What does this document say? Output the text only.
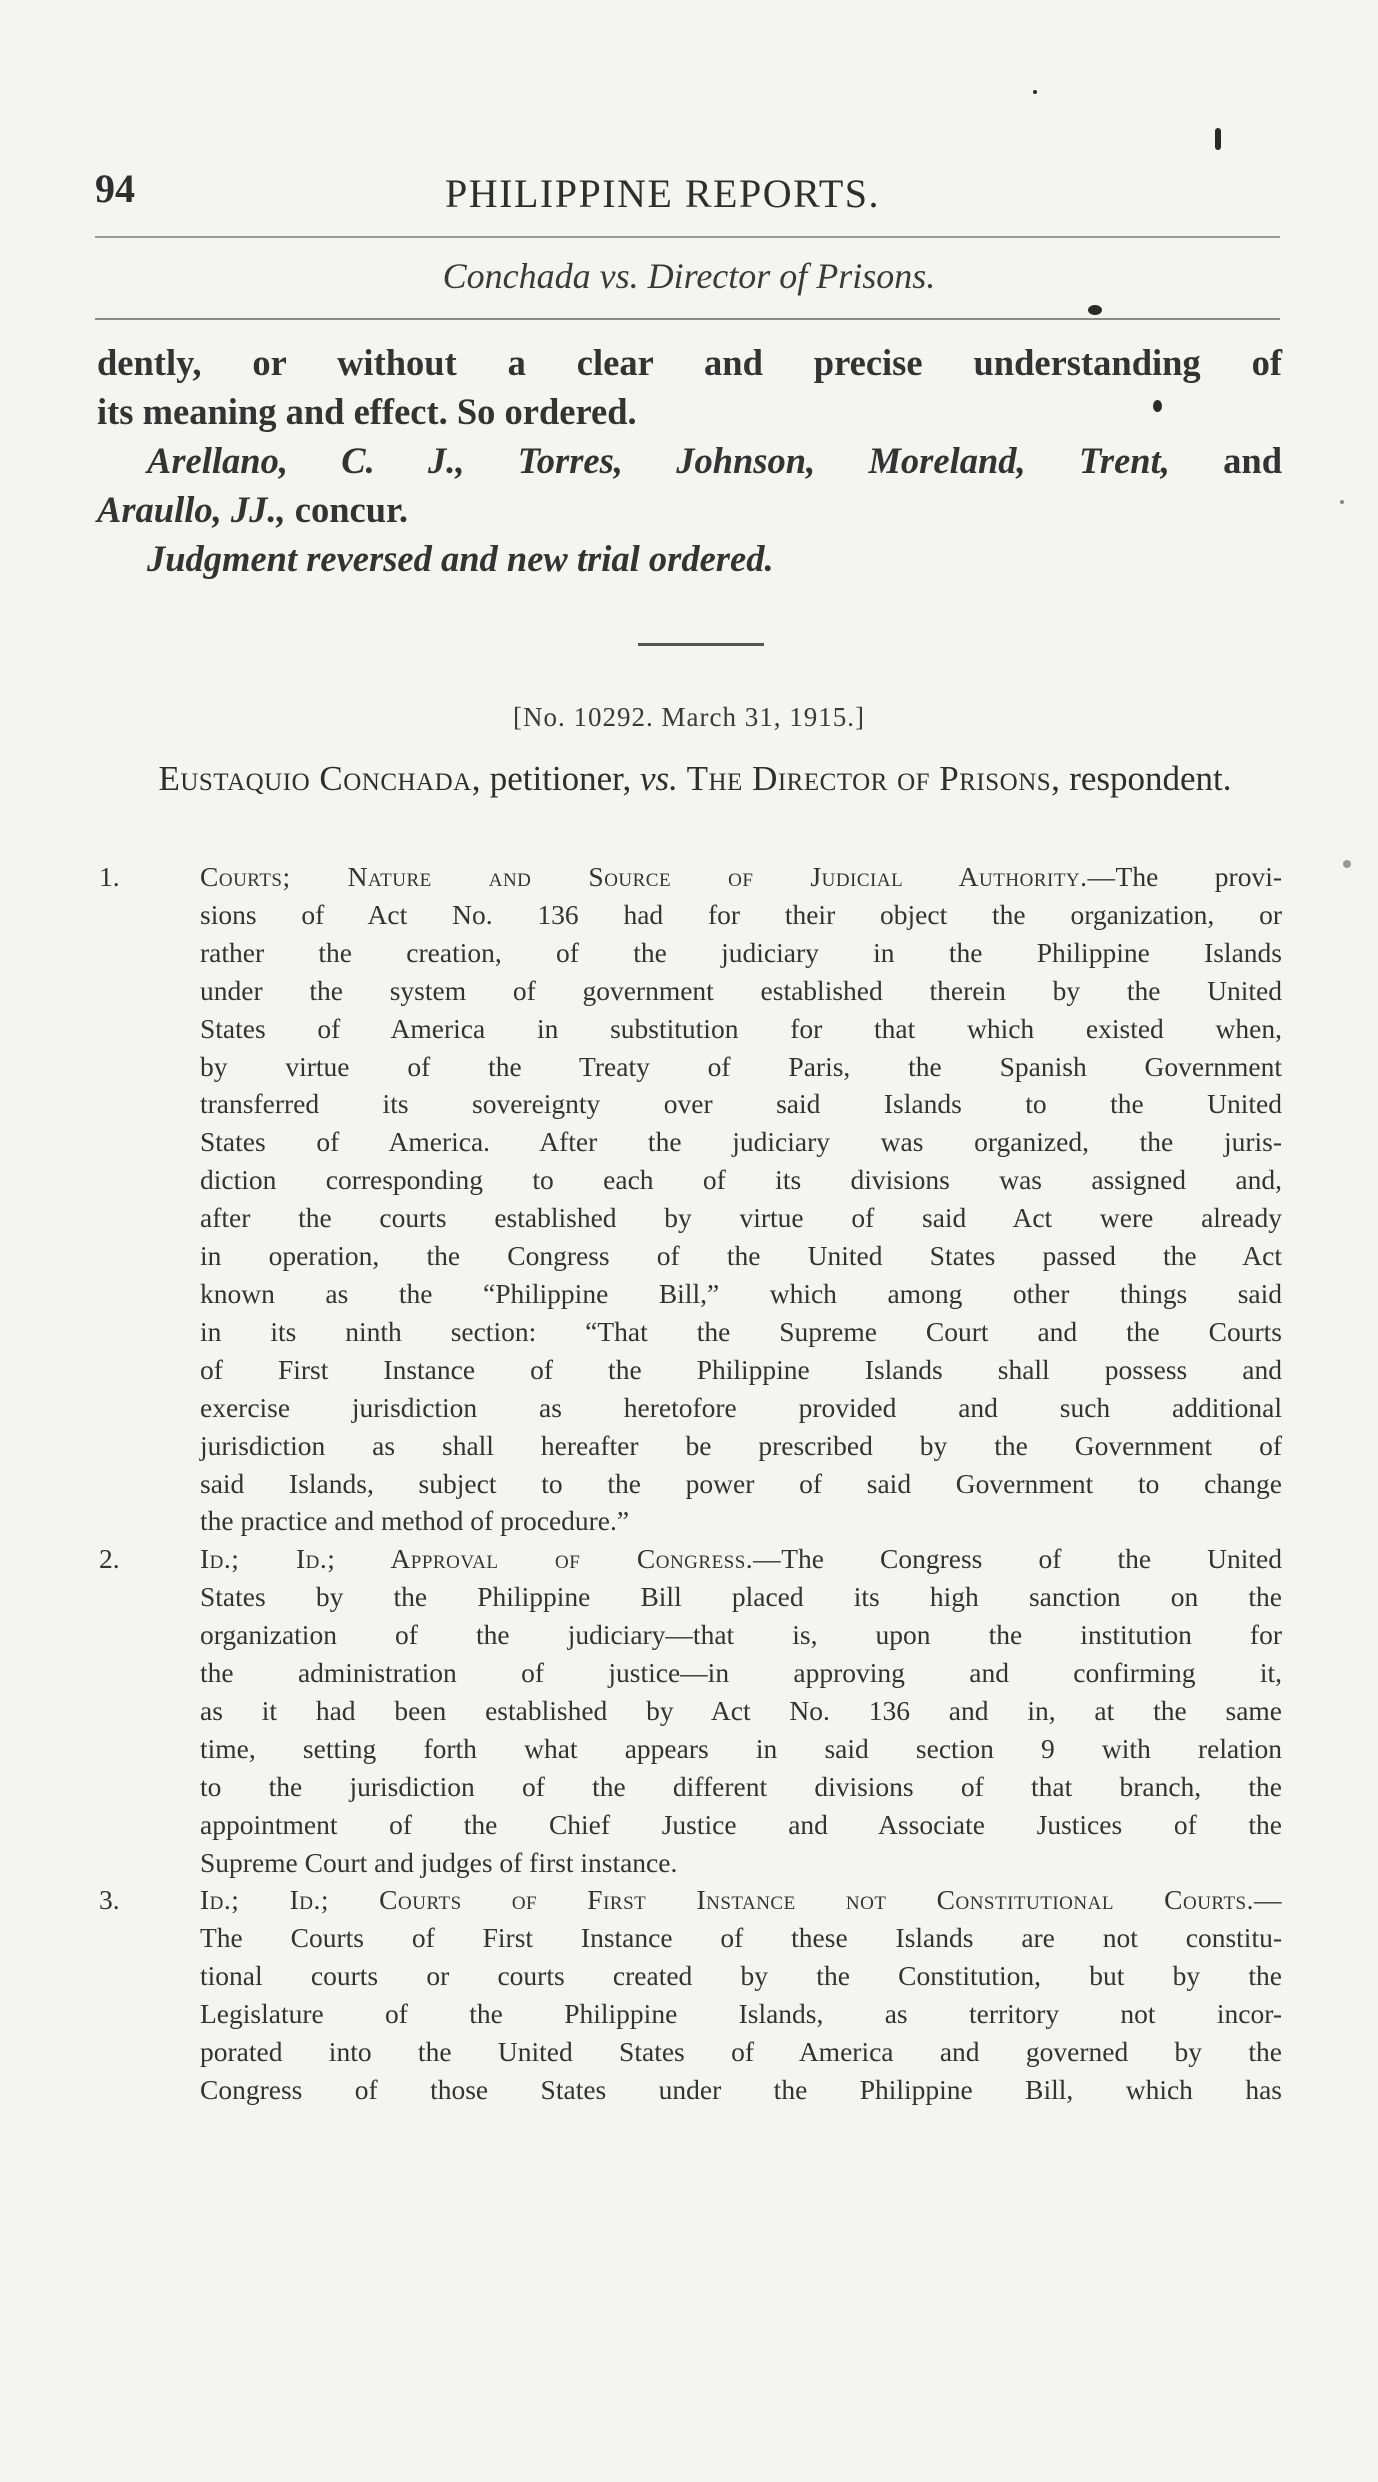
94	PHILIPPINE REPORTS.
Conchada vs. Director of Prisons.

dently, or without a clear and precise understanding of

its meaning and effect. So ordered.

Arellano, C. J., Torres, Johnson, Moreland, Trent, and

Araullo, JJ., concur.

Judgment reversed and new trial ordered.

[No. 10292. March 31, 1915.]
Eustaquio Conchada, petitioner, vs. The Director of Prisons, respondent.
1.	Courts; Nature and Source of Judicial Authority.—The provi-
sions of Act No. 136 had for their object the organization, or
rather the creation, of the judiciary in the Philippine Islands
under the system of government established therein by the United
States of America in substitution for that which existed when,
by virtue of the Treaty of Paris, the Spanish Government
transferred its sovereignty over said Islands to the United
States of America. After the judiciary was organized, the juris-
diction corresponding to each of its divisions was assigned and,
after the courts established by virtue of said Act were already
in operation, the Congress of the United States passed the Act
known as the “Philippine Bill,” which among other things said
in its ninth section: “That the Supreme Court and the Courts
of First Instance of the Philippine Islands shall possess and
exercise jurisdiction as heretofore provided and such additional
jurisdiction as shall hereafter be prescribed by the Government of
said Islands, subject to the power of said Government to change
the practice and method of procedure.”
2.	Id.; Id.; Approval of Congress.—The Congress of the United
States by the Philippine Bill placed its high sanction on the
organization of the judiciary—that is, upon the institution for
the administration of justice—in approving and confirming it,
as it had been established by Act No. 136 and in, at the same
time, setting forth what appears in said section 9 with relation
to the jurisdiction of the different divisions of that branch, the
appointment of the Chief Justice and Associate Justices of the
Supreme Court and judges of first instance.
3.	Id.; Id.; Courts of First Instance not Constitutional Courts.—
The Courts of First Instance of these Islands are not constitu-
tional courts or courts created by the Constitution, but by the
Legislature of the Philippine Islands, as territory not incor-
porated into the United States of America and governed by the
Congress of those States under the Philippine Bill, which has
